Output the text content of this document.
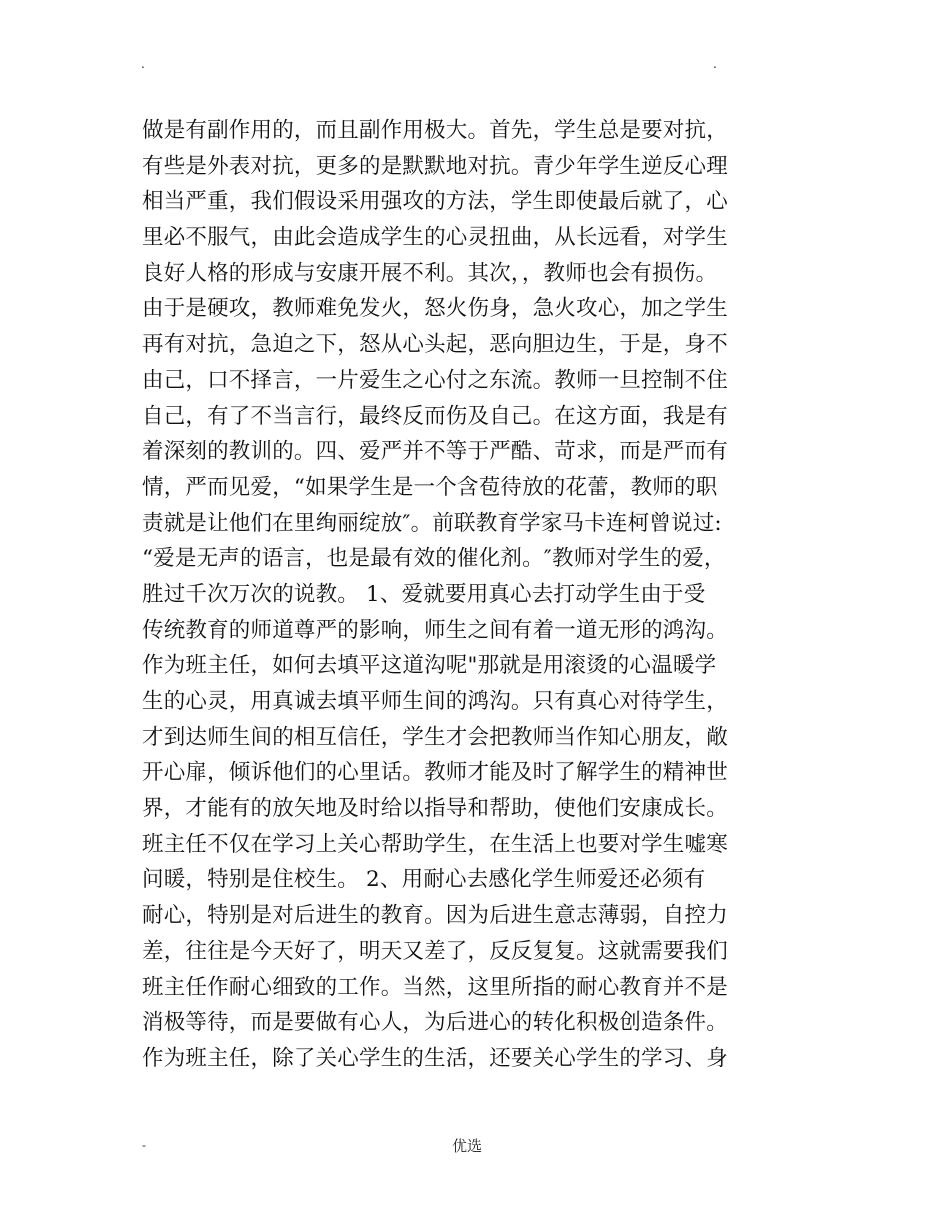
.	.
做是有副作用的，而且副作用极大。首先，学生总是要对抗，
有些是外表对抗，更多的是默默地对抗。青少年学生逆反心理
相当严重，我们假设采用强攻的方法，学生即使最后就了，心
里必不服气，由此会造成学生的心灵扭曲，从长远看，对学生
良好人格的形成与安康开展不利。其次，，教师也会有损伤。
由于是硬攻，教师难免发火，怒火伤身，急火攻心，加之学生
再有对抗，急迫之下，怒从心头起，恶向胆边生，于是，身不
由己，口不择言，一片爱生之心付之东流。教师一旦控制不住
自己，有了不当言行，最终反而伤及自己。在这方面，我是有
着深刻的教训的。四、爱严并不等于严酷、苛求，而是严而有
情，严而见爱，“如果学生是一个含苞待放的花蕾，教师的职
责就是让他们在里绚丽绽放″。前联教育学家马卡连柯曾说过:
“爱是无声的语言，也是最有效的催化剂。″教师对学生的爱，
胜过千次万次的说教。 1、爱就要用真心去打动学生由于受
传统教育的师道尊严的影响，师生之间有着一道无形的鸿沟。
作为班主任，如何去填平这道沟呢"那就是用滚烫的心温暖学
生的心灵，用真诚去填平师生间的鸿沟。只有真心对待学生，
才到达师生间的相互信任，学生才会把教师当作知心朋友，敞
开心扉，倾诉他们的心里话。教师才能及时了解学生的精神世
界，才能有的放矢地及时给以指导和帮助，使他们安康成长。
班主任不仅在学习上关心帮助学生，在生活上也要对学生嘘寒
问暖，特别是住校生。 2、用耐心去感化学生师爱还必须有
耐心，特别是对后进生的教育。因为后进生意志薄弱，自控力
差，往往是今天好了，明天又差了，反反复复。这就需要我们
班主任作耐心细致的工作。当然，这里所指的耐心教育并不是
消极等待，而是要做有心人，为后进心的转化积极创造条件。
作为班主任，除了关心学生的生活，还要关心学生的学习、身
-	优选
